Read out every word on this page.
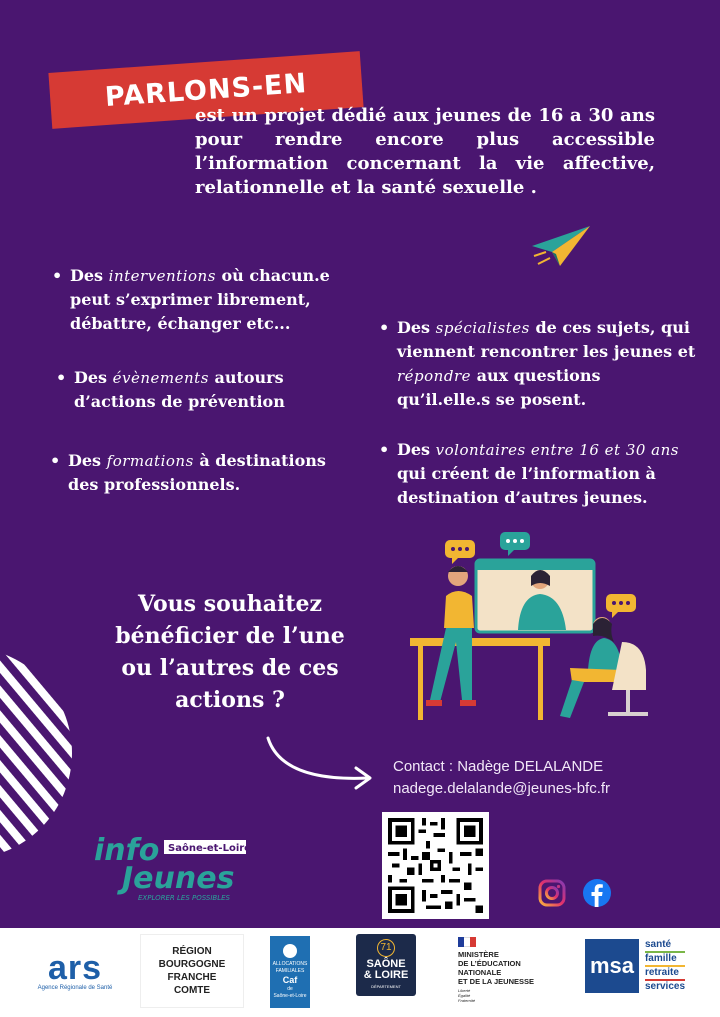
PARLONS-EN
est un projet dédié aux jeunes de 16 a 30 ans pour rendre encore plus accessible l’information concernant la vie affective, relationnelle et la santé sexuelle .
• Des interventions où chacun.e peut s’exprimer librement, débattre, échanger etc...
• Des évènements autours d’actions de prévention
• Des formations à destinations des professionnels.
• Des spécialistes de ces sujets, qui viennent rencontrer les jeunes et répondre aux questions qu’il.elle.s se posent.
• Des volontaires entre 16 et 30 ans qui créent de l’information à destination d’autres jeunes.
Vous souhaitez bénéficier de l’une ou l’autres de ces actions ?
Contact : Nadège DELALANDE
nadege.delalande@jeunes-bfc.fr
info
Jeunes
Saône-et-Loire
EXPLORER LES POSSIBLES
ars
Agence Régionale de Santé
RÉGION
BOURGOGNE
FRANCHE
COMTE
ALLOCATIONS
FAMILIALES
Caf
de
Saône-et-Loire
71
SAÔNE
& LOIRE
DÉPARTEMENT
MINISTÈRE
DE L’ÉDUCATION
NATIONALE
ET DE LA JEUNESSE
Liberté
Égalité
Fraternité
msa
santé
famille
retraite
services
